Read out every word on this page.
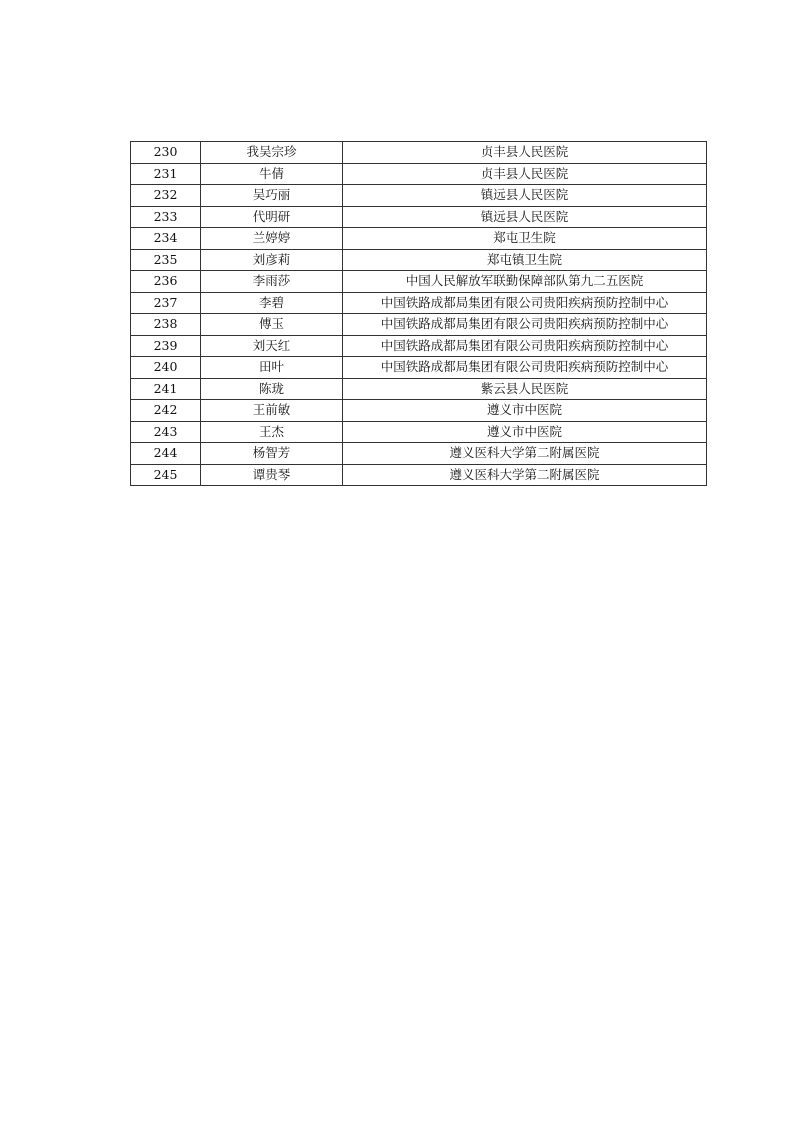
230	我吴宗珍	贞丰县人民医院
231	牛倩	贞丰县人民医院
232	吴巧丽	镇远县人民医院
233	代明研	镇远县人民医院
234	兰婷婷	郑屯卫生院
235	刘彦莉	郑屯镇卫生院
236	李雨莎	中国人民解放军联勤保障部队第九二五医院
237	李碧	中国铁路成都局集团有限公司贵阳疾病预防控制中心
238	傅玉	中国铁路成都局集团有限公司贵阳疾病预防控制中心
239	刘天红	中国铁路成都局集团有限公司贵阳疾病预防控制中心
240	田叶	中国铁路成都局集团有限公司贵阳疾病预防控制中心
241	陈珑	紫云县人民医院
242	王前敏	遵义市中医院
243	王杰	遵义市中医院
244	杨智芳	遵义医科大学第二附属医院
245	谭贵琴	遵义医科大学第二附属医院
